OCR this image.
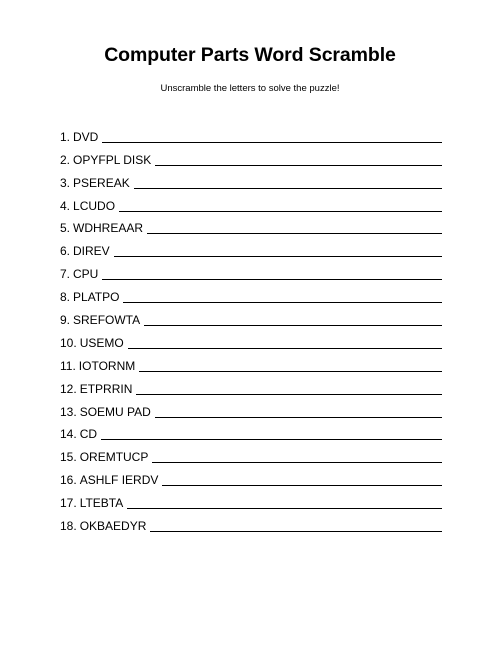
Computer Parts Word Scramble
Unscramble the letters to solve the puzzle!
1. DVD
2. OPYFPL DISK
3. PSEREAK
4. LCUDO
5. WDHREAAR
6. DIREV
7. CPU
8. PLATPO
9. SREFOWTA
10. USEMO
11. IOTORNM
12. ETPRRIN
13. SOEMU PAD
14. CD
15. OREMTUCP
16. ASHLF IERDV
17. LTEBTA
18. OKBAEDYR
